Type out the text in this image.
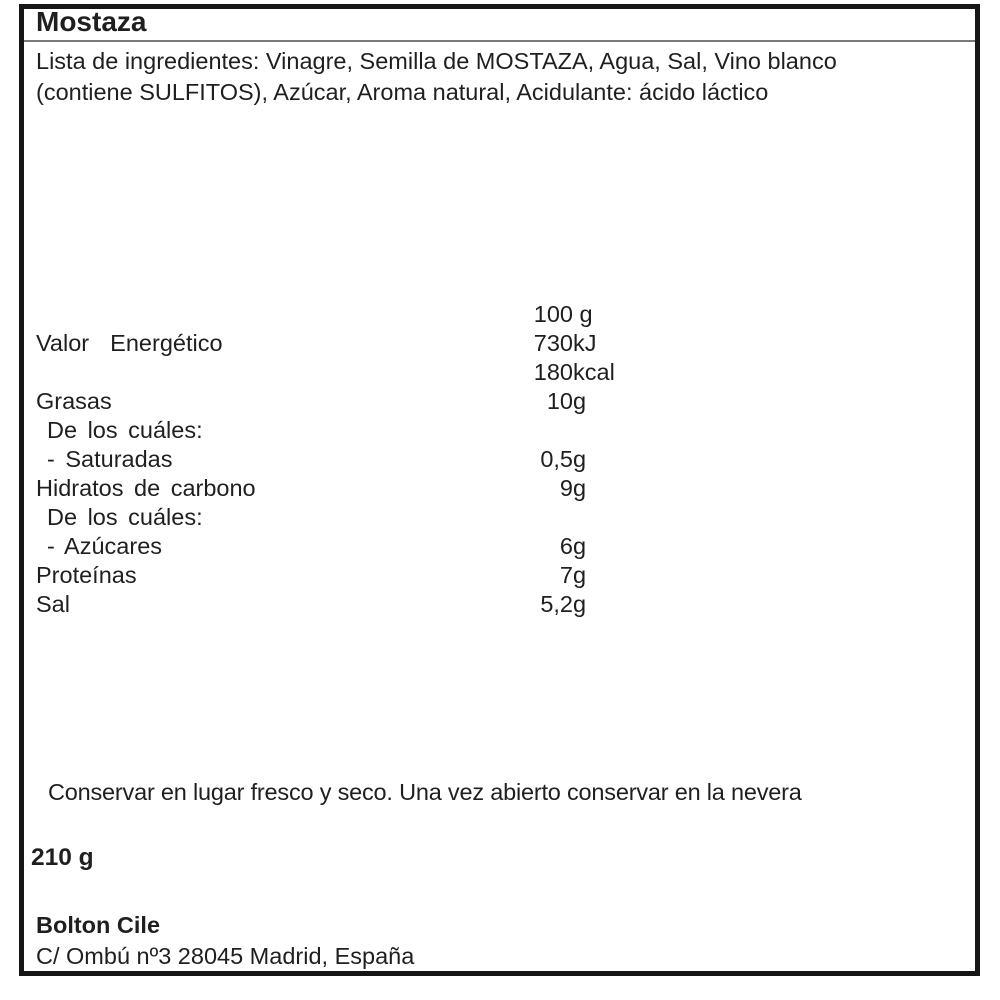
Mostaza
Lista de ingredientes: Vinagre, Semilla de MOSTAZA, Agua, Sal, Vino blanco
(contiene SULFITOS), Azúcar, Aroma natural, Acidulante: ácido láctico
100 g
Valor  Energético	730 kJ
180 kcal
Grasas	10 g
De los cuáles:
- Saturadas	0,5 g
Hidratos de carbono	9 g
De los cuáles:
- Azúcares	6 g
Proteínas	7 g
Sal	5,2 g
Conservar en lugar fresco y seco. Una vez abierto conservar en la nevera
210 g
Bolton Cile
C/ Ombú nº3 28045 Madrid, España
